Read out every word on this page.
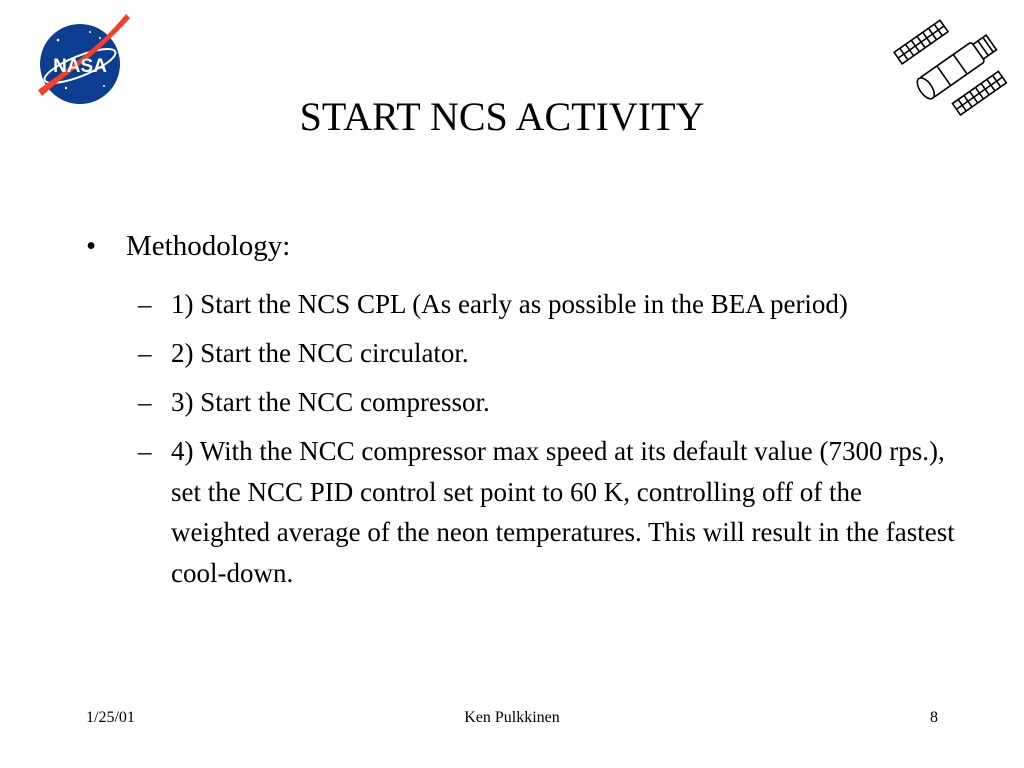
NASA
START NCS ACTIVITY
• Methodology:
– 1) Start the NCS CPL (As early as possible in the BEA period)
– 2) Start the NCC circulator.
– 3) Start the NCC compressor.
– 4) With the NCC compressor max speed at its default value (7300 rps.), set the NCC PID control set point to 60 K, controlling off of the weighted average of the neon temperatures. This will result in the fastest cool-down.
1/25/01	Ken Pulkkinen	8
